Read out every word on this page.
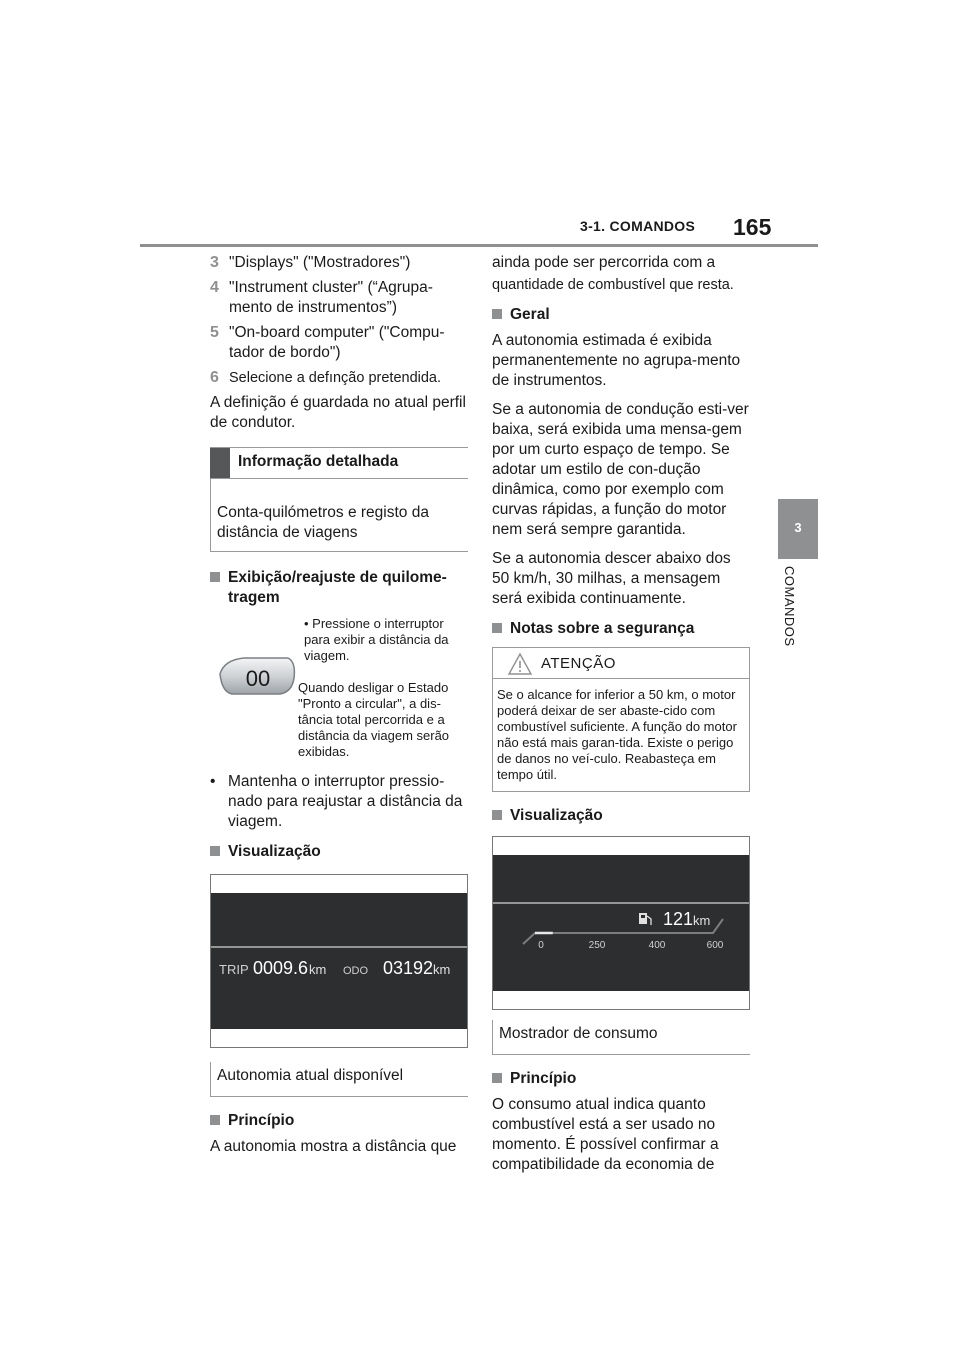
3-1. COMANDOS 165
3
COMANDOS
3 "Displays" ("Mostradores")
4 "Instrument cluster" (“Agrupa-mento de instrumentos”)
5 "On-board computer" ("Compu-tador de bordo")
6 Selecione a defınção pretendida.

A definição é guardada no atual perfil de condutor.

Informação detalhada
Conta-quilómetros e registo da distância de viagens
Exibição/reajuste de quilome-tragem
00
• Pressione o interruptor para exibir a distância da viagem.
Quando desligar o Estado "Pronto a circular", a dis-tância total percorrida e a distância da viagem serão exibidas.
• Mantenha o interruptor pressio-nado para reajustar a distância da viagem.
Visualização
TRIP 0009.6 km ODO 03192 km
Autonomia atual disponível
Princípio

A autonomia mostra a distância que

ainda pode ser percorrida com a

quantidade de combustível que resta.

Geral

A autonomia estimada é exibida permanentemente no agrupa-mento de instrumentos.

Se a autonomia de condução esti-ver baixa, será exibida uma mensa-gem por um curto espaço de tempo. Se adotar um estilo de con-dução dinâmica, como por exemplo com curvas rápidas, a função do motor nem será sempre garantida.

Se a autonomia descer abaixo dos 50 km/h, 30 milhas, a mensagem será exibida continuamente.

Notas sobre a segurança
ATENÇÃO
Se o alcance for inferior a 50 km, o motor poderá deixar de ser abaste-cido com combustível suficiente. A função do motor não está mais garan-tida. Existe o perigo de danos no veí-culo. Reabasteça em tempo útil.
Visualização
121 km
0	250	400	600
Mostrador de consumo
Princípio

O consumo atual indica quanto combustível está a ser usado no momento. É possível confirmar a compatibilidade da economia de
